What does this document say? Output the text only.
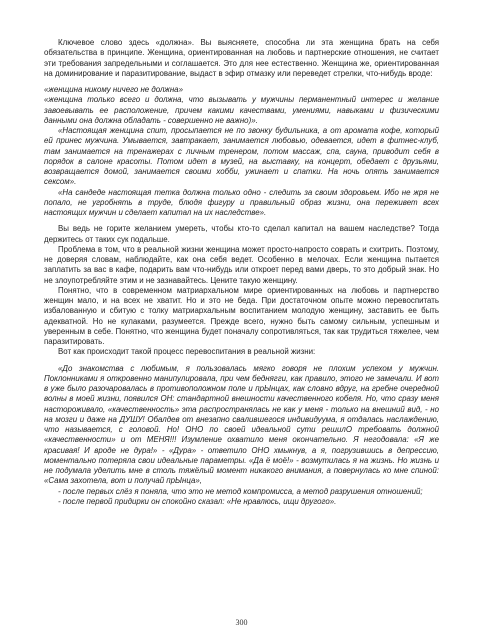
Ключевое слово здесь «должна». Вы выясняете, способна ли эта женщина брать на себя обязательства в принципе. Женщина, ориентированная на любовь и партнерские отношения, не считает эти требования запредельными и соглашается. Это для нее естественно. Женщина же, ориентированная на доминирование и паразитирование, выдаст в эфир отмазку или переведет стрелки, что-нибудь вроде:

«женщина никому ничего не должна»

«женщина только всего и должна, что вызывать у мужчины перманентный интерес и желание завоевывать ее расположение, причем какими качествами, умениями, навыками и физическими данными она должна обладать - совершенно не важно)».

«Настоящая женщина спит, просыпается не по звонку будильника, а от аромата кофе, который ей принес мужчина. Умывается, завтракает, занимается любовью, одевается, идет в фитнес-клуб, там занимается на тренажерах с личным тренером, потом массаж, спа, сауна, приводит себя в порядок в салоне красоты. Потом идет в музей, на выставку, на концерт, обедает с друзьями, возвращается домой, занимается своими хобби, ужинает и спатки. На ночь опять занимается сексом».

«На сандеде настоящая тетка должна только одно - следить за своим здоровьем. Ибо не жря не попало, не угробнять в труде, блюдя фигуру и правильный образ жизни, она переживет всех настоящих мужчин и сделает капитал на их наследстве».

Вы ведь не горите желанием умереть, чтобы кто-то сделал капитал на вашем наследстве? Тогда держитесь от таких сук подальше.

Проблема в том, что в реальной жизни женщина может просто-напросто соврать и схитрить. Поэтому, не доверяя словам, наблюдайте, как она себя ведет. Особенно в мелочах. Если женщина пытается заплатить за вас в кафе, подарить вам что-нибудь или откроет перед вами дверь, то это добрый знак. Но не злоупотребляйте этим и не зазнавайтесь. Цените такую женщину.

Понятно, что в современном матриархальном мире ориентированных на любовь и партнерство женщин мало, и на всех не хватит. Но и это не беда. При достаточном опыте можно перевоспитать избалованную и сбитую с толку матриархальным воспитанием молодую женщину, заставить ее быть адекватной. Но не кулаками, разумеется. Прежде всего, нужно быть самому сильным, успешным и уверенным в себе. Понятно, что женщина будет поначалу сопротивляться, так как трудиться тяжелее, чем паразитировать.

Вот как происходит такой процесс перевоспитания в реальной жизни:

«До знакомства с любимым, я пользовалась мягко говоря не плохим успехом у мужчин. Поклонниками я откровенно манипулировала, при чем беднягги, как правило, этого не замечали. И вот в уже было разочаровалась в противоположном поле и прЫнцах, как словно вдруг, на гребне очередной волны в моей жизни, появился ОН: стандартной внешности качественного кобеля. Но, что сразу меня настороживало, «качественность» эта распространялась не как у меня - только на внешний вид, - но на мозги и даже на ДУШУ! Обалдев от внезапно свалившегося индивидуума, я отдалась наслаждению, что называется, с головой. Но! ОНО по своей идеальной сути решилО требовать должной «качественности» и от МЕНЯ!!! Изумление охватило меня окончательно. Я негодовала: «Я же красивая! И вроде не дура!» - «Дура» - ответило ОНО хмыкнув, а я, погрузившись в депрессию, моментально потеряла свои идеальные параметры. «Да ё моё!» - возмутилась я на жизнь. Но жизнь и не подумала уделить мне в столь тяжёлый момент никакого внимания, а повернулась ко мне спиной: «Сама захотела, вот и получай прЫнца»,

- после первых слёз я поняла, что это не метод компромисса, а метод разрушения отношений;

- после первой придирки он спокойно сказал: «Не нравлюсь, ищи другого».

300
